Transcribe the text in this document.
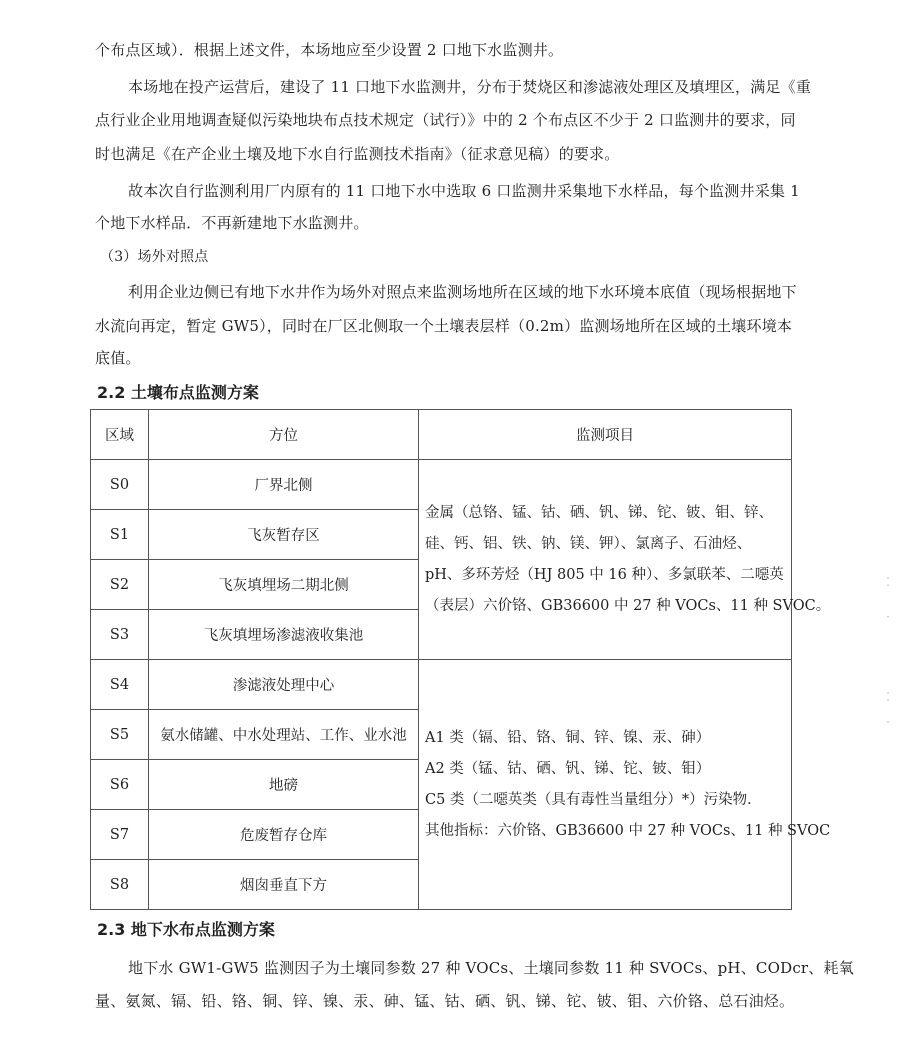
个布点区域）．根据上述文件，本场地应至少设置 2 口地下水监测井。
本场地在投产运营后，建设了 11 口地下水监测井，分布于焚烧区和渗滤液处理区及填埋区，满足《重
点行业企业用地调查疑似污染地块布点技术规定（试行）》中的 2 个布点区不少于 2 口监测井的要求，同
时也满足《在产企业土壤及地下水自行监测技术指南》（征求意见稿）的要求。
故本次自行监测利用厂内原有的 11 口地下水中选取 6 口监测井采集地下水样品，每个监测井采集 1
个地下水样品．不再新建地下水监测井。
（3）场外对照点
利用企业边侧已有地下水井作为场外对照点来监测场地所在区域的地下水环境本底值（现场根据地下
水流向再定，暂定 GW5），同时在厂区北侧取一个土壤表层样（0.2m）监测场地所在区域的土壤环境本
底值。
2.2 土壤布点监测方案
区域	方位	监测项目
S0	厂界北侧	金属（总铬、锰、钴、硒、钒、锑、铊、铍、钼、锌、
硅、钙、铝、铁、钠、镁、钾）、氯离子、石油烃、
pH、多环芳烃（HJ 805 中 16 种）、多氯联苯、二噁英
（表层）六价铬、GB36600 中 27 种 VOCs、11 种 SVOC。

S1	飞灰暂存区	
S2	飞灰填埋场二期北侧	
S3	飞灰填埋场渗滤液收集池	
S4	渗滤液处理中心	A1 类（镉、铅、铬、铜、锌、镍、汞、砷）
A2 类（锰、钴、硒、钒、锑、铊、铍、钼）
C5 类（二噁英类（具有毒性当量组分）*）污染物．
其他指标：六价铬、GB36600 中 27 种 VOCs、11 种 SVOC

S5	氨水储罐、中水处理站、工作、业水池	
S6	地磅	
S7	危废暂存仓库	
S8	烟囱垂直下方	
2.3 地下水布点监测方案
地下水 GW1-GW5 监测因子为土壤同参数 27 种 VOCs、土壤同参数 11 种 SVOCs、pH、CODcr、耗氧
量、氨氮、镉、铅、铬、铜、锌、镍、汞、砷、锰、钴、硒、钒、锑、铊、铍、钼、六价铬、总石油烃。
⁚
·
⁚
·
